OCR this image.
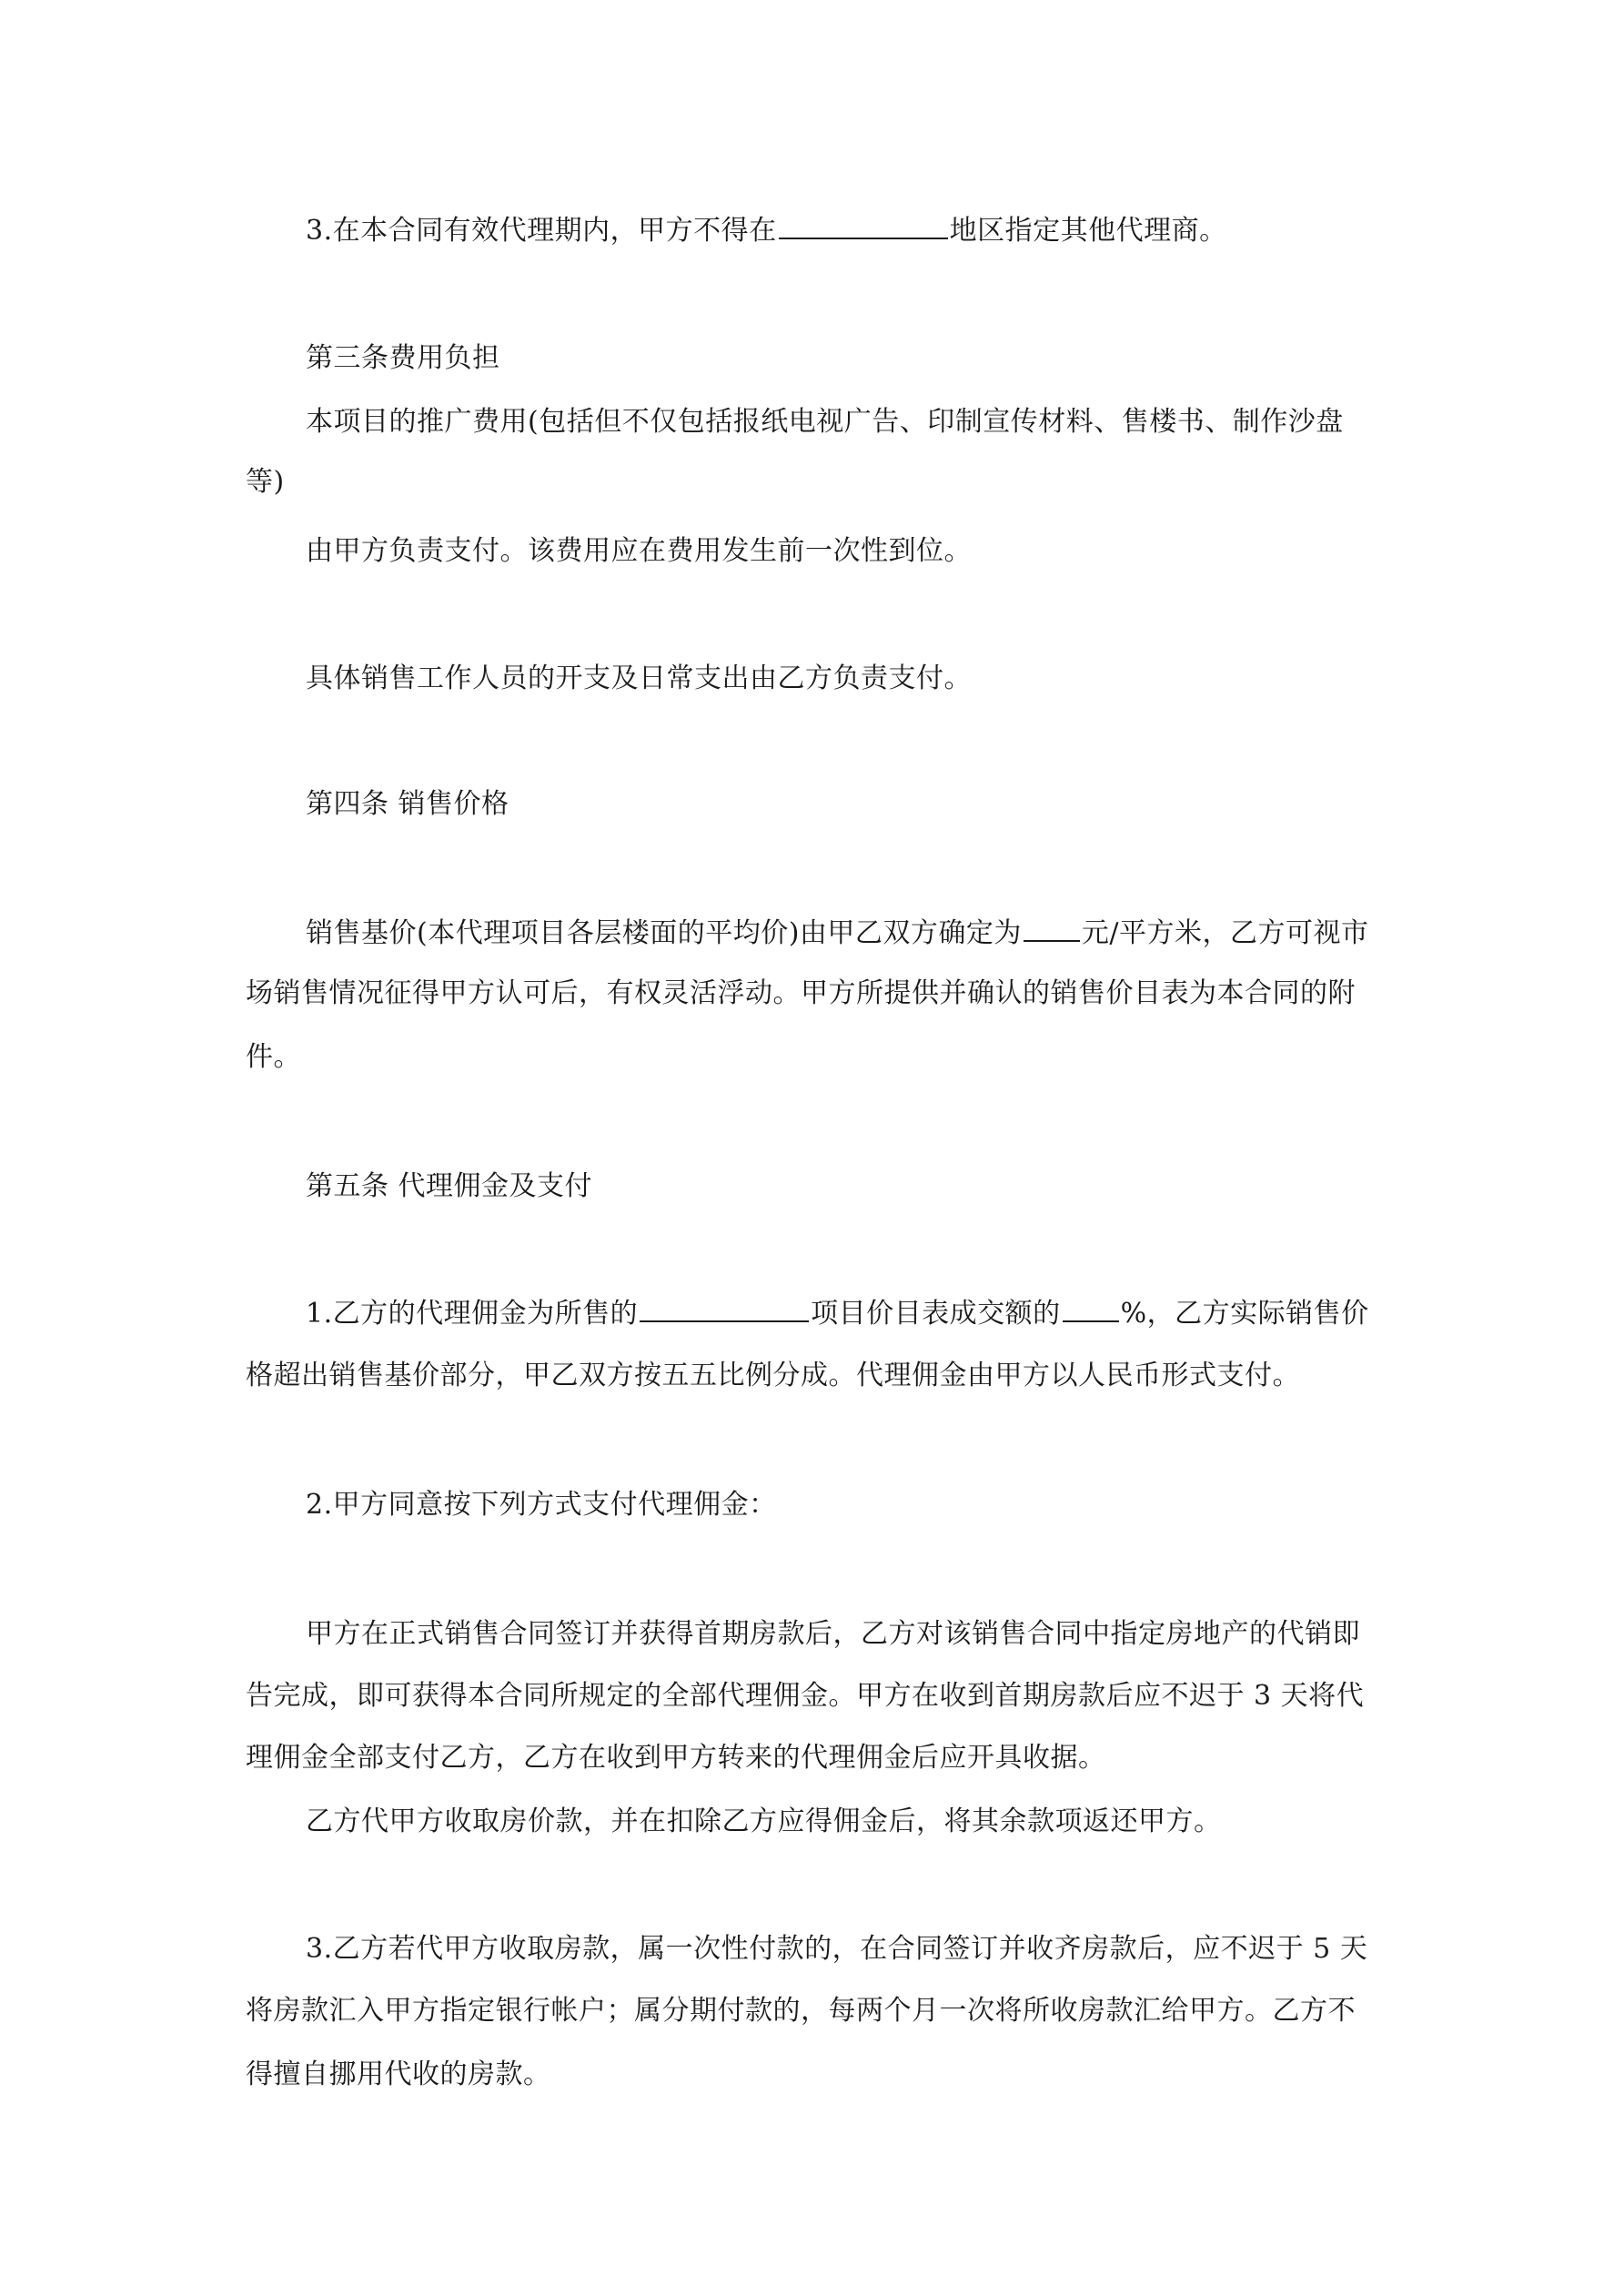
3.在本合同有效代理期内，甲方不得在	地区指定其他代理商。

第三条费用负担

本项目的推广费用(包括但不仅包括报纸电视广告、印制宣传材料、售楼书、制作沙盘

等)

由甲方负责支付。该费用应在费用发生前一次性到位。

具体销售工作人员的开支及日常支出由乙方负责支付。

第四条 销售价格

销售基价(本代理项目各层楼面的平均价)由甲乙双方确定为 元/平方米，乙方可视市

场销售情况征得甲方认可后，有权灵活浮动。甲方所提供并确认的销售价目表为本合同的附

件。

第五条 代理佣金及支付

1.乙方的代理佣金为所售的	项目价目表成交额的 %，乙方实际销售价

格超出销售基价部分，甲乙双方按五五比例分成。代理佣金由甲方以人民币形式支付。

2.甲方同意按下列方式支付代理佣金：

甲方在正式销售合同签订并获得首期房款后，乙方对该销售合同中指定房地产的代销即

告完成，即可获得本合同所规定的全部代理佣金。甲方在收到首期房款后应不迟于 3 天将代

理佣金全部支付乙方，乙方在收到甲方转来的代理佣金后应开具收据。

乙方代甲方收取房价款，并在扣除乙方应得佣金后，将其余款项返还甲方。

3.乙方若代甲方收取房款，属一次性付款的，在合同签订并收齐房款后，应不迟于 5 天

将房款汇入甲方指定银行帐户；属分期付款的，每两个月一次将所收房款汇给甲方。乙方不

得擅自挪用代收的房款。
